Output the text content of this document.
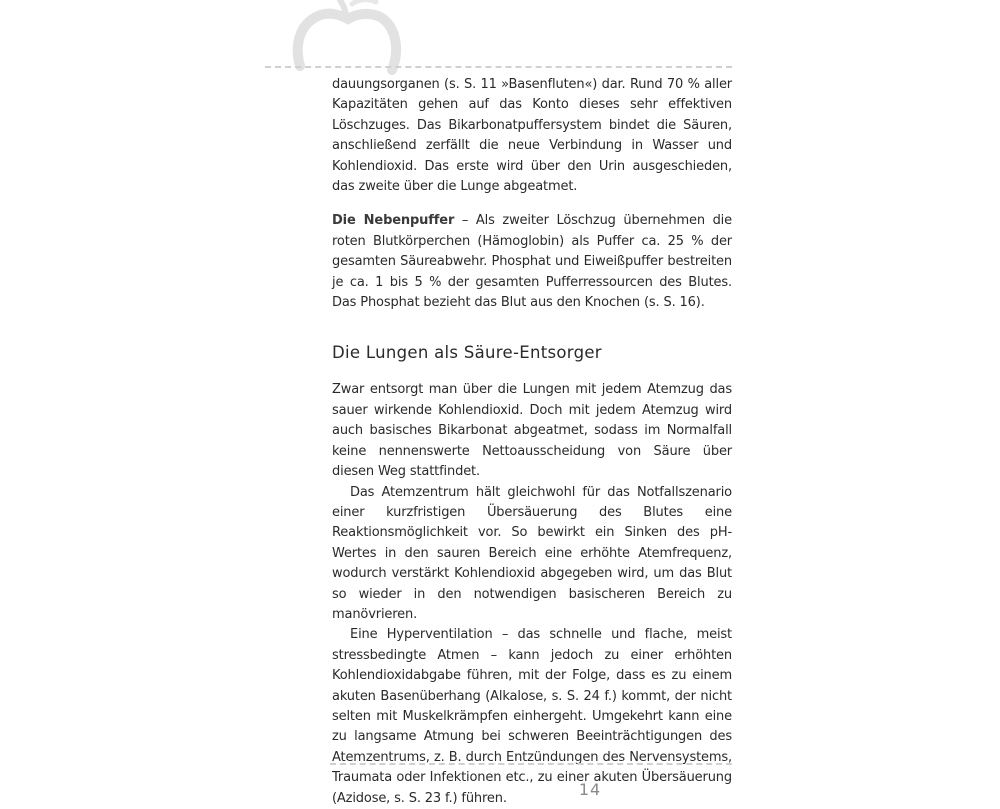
dauungsorganen (s. S. 11 »Basenfluten«) dar. Rund 70 % aller Kapazitäten gehen auf das Konto dieses sehr effektiven Löschzuges. Das Bikarbonatpuffersystem bindet die Säuren, anschließend zerfällt die neue Verbindung in Wasser und Kohlendioxid. Das erste wird über den Urin ausgeschieden, das zweite über die Lunge abgeatmet.

Die Nebenpuffer – Als zweiter Löschzug übernehmen die roten Blutkörperchen (Hämoglobin) als Puffer ca. 25 % der gesamten Säureabwehr. Phosphat und Eiweißpuffer bestreiten je ca. 1 bis 5 % der gesamten Pufferressourcen des Blutes. Das Phosphat bezieht das Blut aus den Knochen (s. S. 16).

Die Lungen als Säure-Entsorger

Zwar entsorgt man über die Lungen mit jedem Atemzug das sauer wirkende Kohlendioxid. Doch mit jedem Atemzug wird auch basisches Bikarbonat abgeatmet, sodass im Normalfall keine nennenswerte Nettoausscheidung von Säure über diesen Weg stattfindet.

Das Atemzentrum hält gleichwohl für das Notfallszenario einer kurzfristigen Übersäuerung des Blutes eine Reaktionsmöglichkeit vor. So bewirkt ein Sinken des pH-Wertes in den sauren Bereich eine erhöhte Atemfrequenz, wodurch verstärkt Kohlendioxid abgegeben wird, um das Blut so wieder in den notwendigen basischeren Bereich zu manövrieren.

Eine Hyperventilation – das schnelle und flache, meist stressbedingte Atmen – kann jedoch zu einer erhöhten Kohlendioxidabgabe führen, mit der Folge, dass es zu einem akuten Basenüberhang (Alkalose, s. S. 24 f.) kommt, der nicht selten mit Muskelkrämpfen einhergeht. Umgekehrt kann eine zu langsame Atmung bei schweren Beeinträchtigungen des Atemzentrums, z. B. durch Entzündungen des Nervensystems, Traumata oder Infektionen etc., zu einer akuten Übersäuerung (Azidose, s. S. 23 f.) führen.	14
